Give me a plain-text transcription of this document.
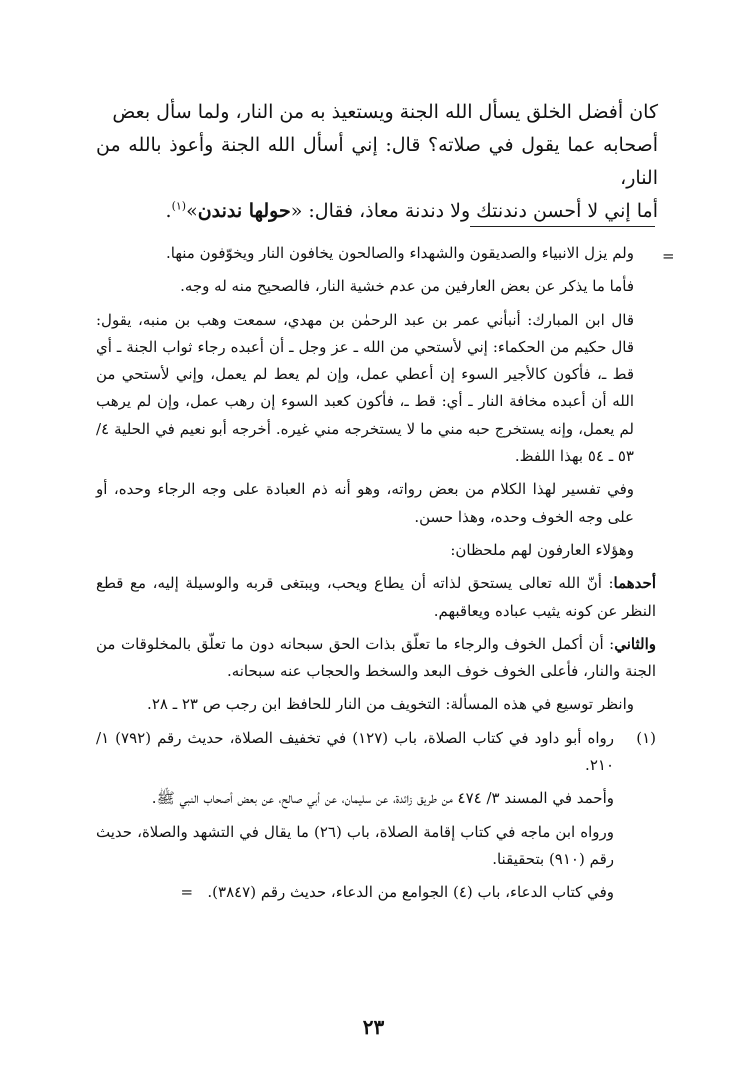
كان أفضل الخلق يسأل الله الجنة ويستعيذ به من النار، ولما سأل بعض

أصحابه عما يقول في صلاته؟ قال: إني أسأل الله الجنة وأعوذ بالله من النار،

أما إني لا أحسن دندنتك ولا دندنة معاذ، فقال: «حولها ندندن»$^{(١)}$.

=

ولم يزل الانبياء والصديقون والشهداء والصالحون يخافون النار ويخوّفون منها.

فأما ما يذكر عن بعض العارفين من عدم خشية النار، فالصحيح منه له وجه.

قال ابن المبارك: أنبأني عمر بن عبد الرحمٰن بن مهدي، سمعت وهب بن منبه، يقول: قال حكيم من الحكماء: إني لأستحي من الله ـ عز وجل ـ أن أعبده رجاء ثواب الجنة ـ أي قط ـ، فأكون كالأجير السوء إن أعطي عمل، وإن لم يعط لم يعمل، وإني لأستحي من الله أن أعبده مخافة النار ـ أي: قط ـ، فأكون كعبد السوء إن رهب عمل، وإن لم يرهب لم يعمل، وإنه يستخرج حبه مني ما لا يستخرجه مني غيره. أخرجه أبو نعيم في الحلية ٤/ ٥٣ ـ ٥٤ بهذا اللفظ.

وفي تفسير لهذا الكلام من بعض رواته، وهو أنه ذم العبادة على وجه الرجاء وحده، أو على وجه الخوف وحده، وهذا حسن.

وهؤلاء العارفون لهم ملحظان:

أحدهما: أنّ الله تعالى يستحق لذاته أن يطاع ويحب، ويبتغى قربه والوسيلة إليه، مع قطع النظر عن كونه يثيب عباده ويعاقبهم.

والثاني: أن أكمل الخوف والرجاء ما تعلّق بذات الحق سبحانه دون ما تعلّق بالمخلوقات من الجنة والنار، فأعلى الخوف خوف البعد والسخط والحجاب عنه سبحانه.

وانظر توسيع في هذه المسألة: التخويف من النار للحافظ ابن رجب ص ٢٣ ـ ٢٨.

(١)
رواه أبو داود في كتاب الصلاة، باب (١٢٧) في تخفيف الصلاة، حديث رقم (٧٩٢) ١/ ٢١٠.

وأحمد في المسند ٣/ ٤٧٤ من طريق زائدة، عن سليمان، عن أبي صالح، عن بعض أصحاب النبي ﷺ.

ورواه ابن ماجه في كتاب إقامة الصلاة، باب (٢٦) ما يقال في التشهد والصلاة، حديث رقم (٩١٠) بتحقيقنا.

وفي كتاب الدعاء، باب (٤) الجوامع من الدعاء، حديث رقم (٣٨٤٧).   =

٢٣
